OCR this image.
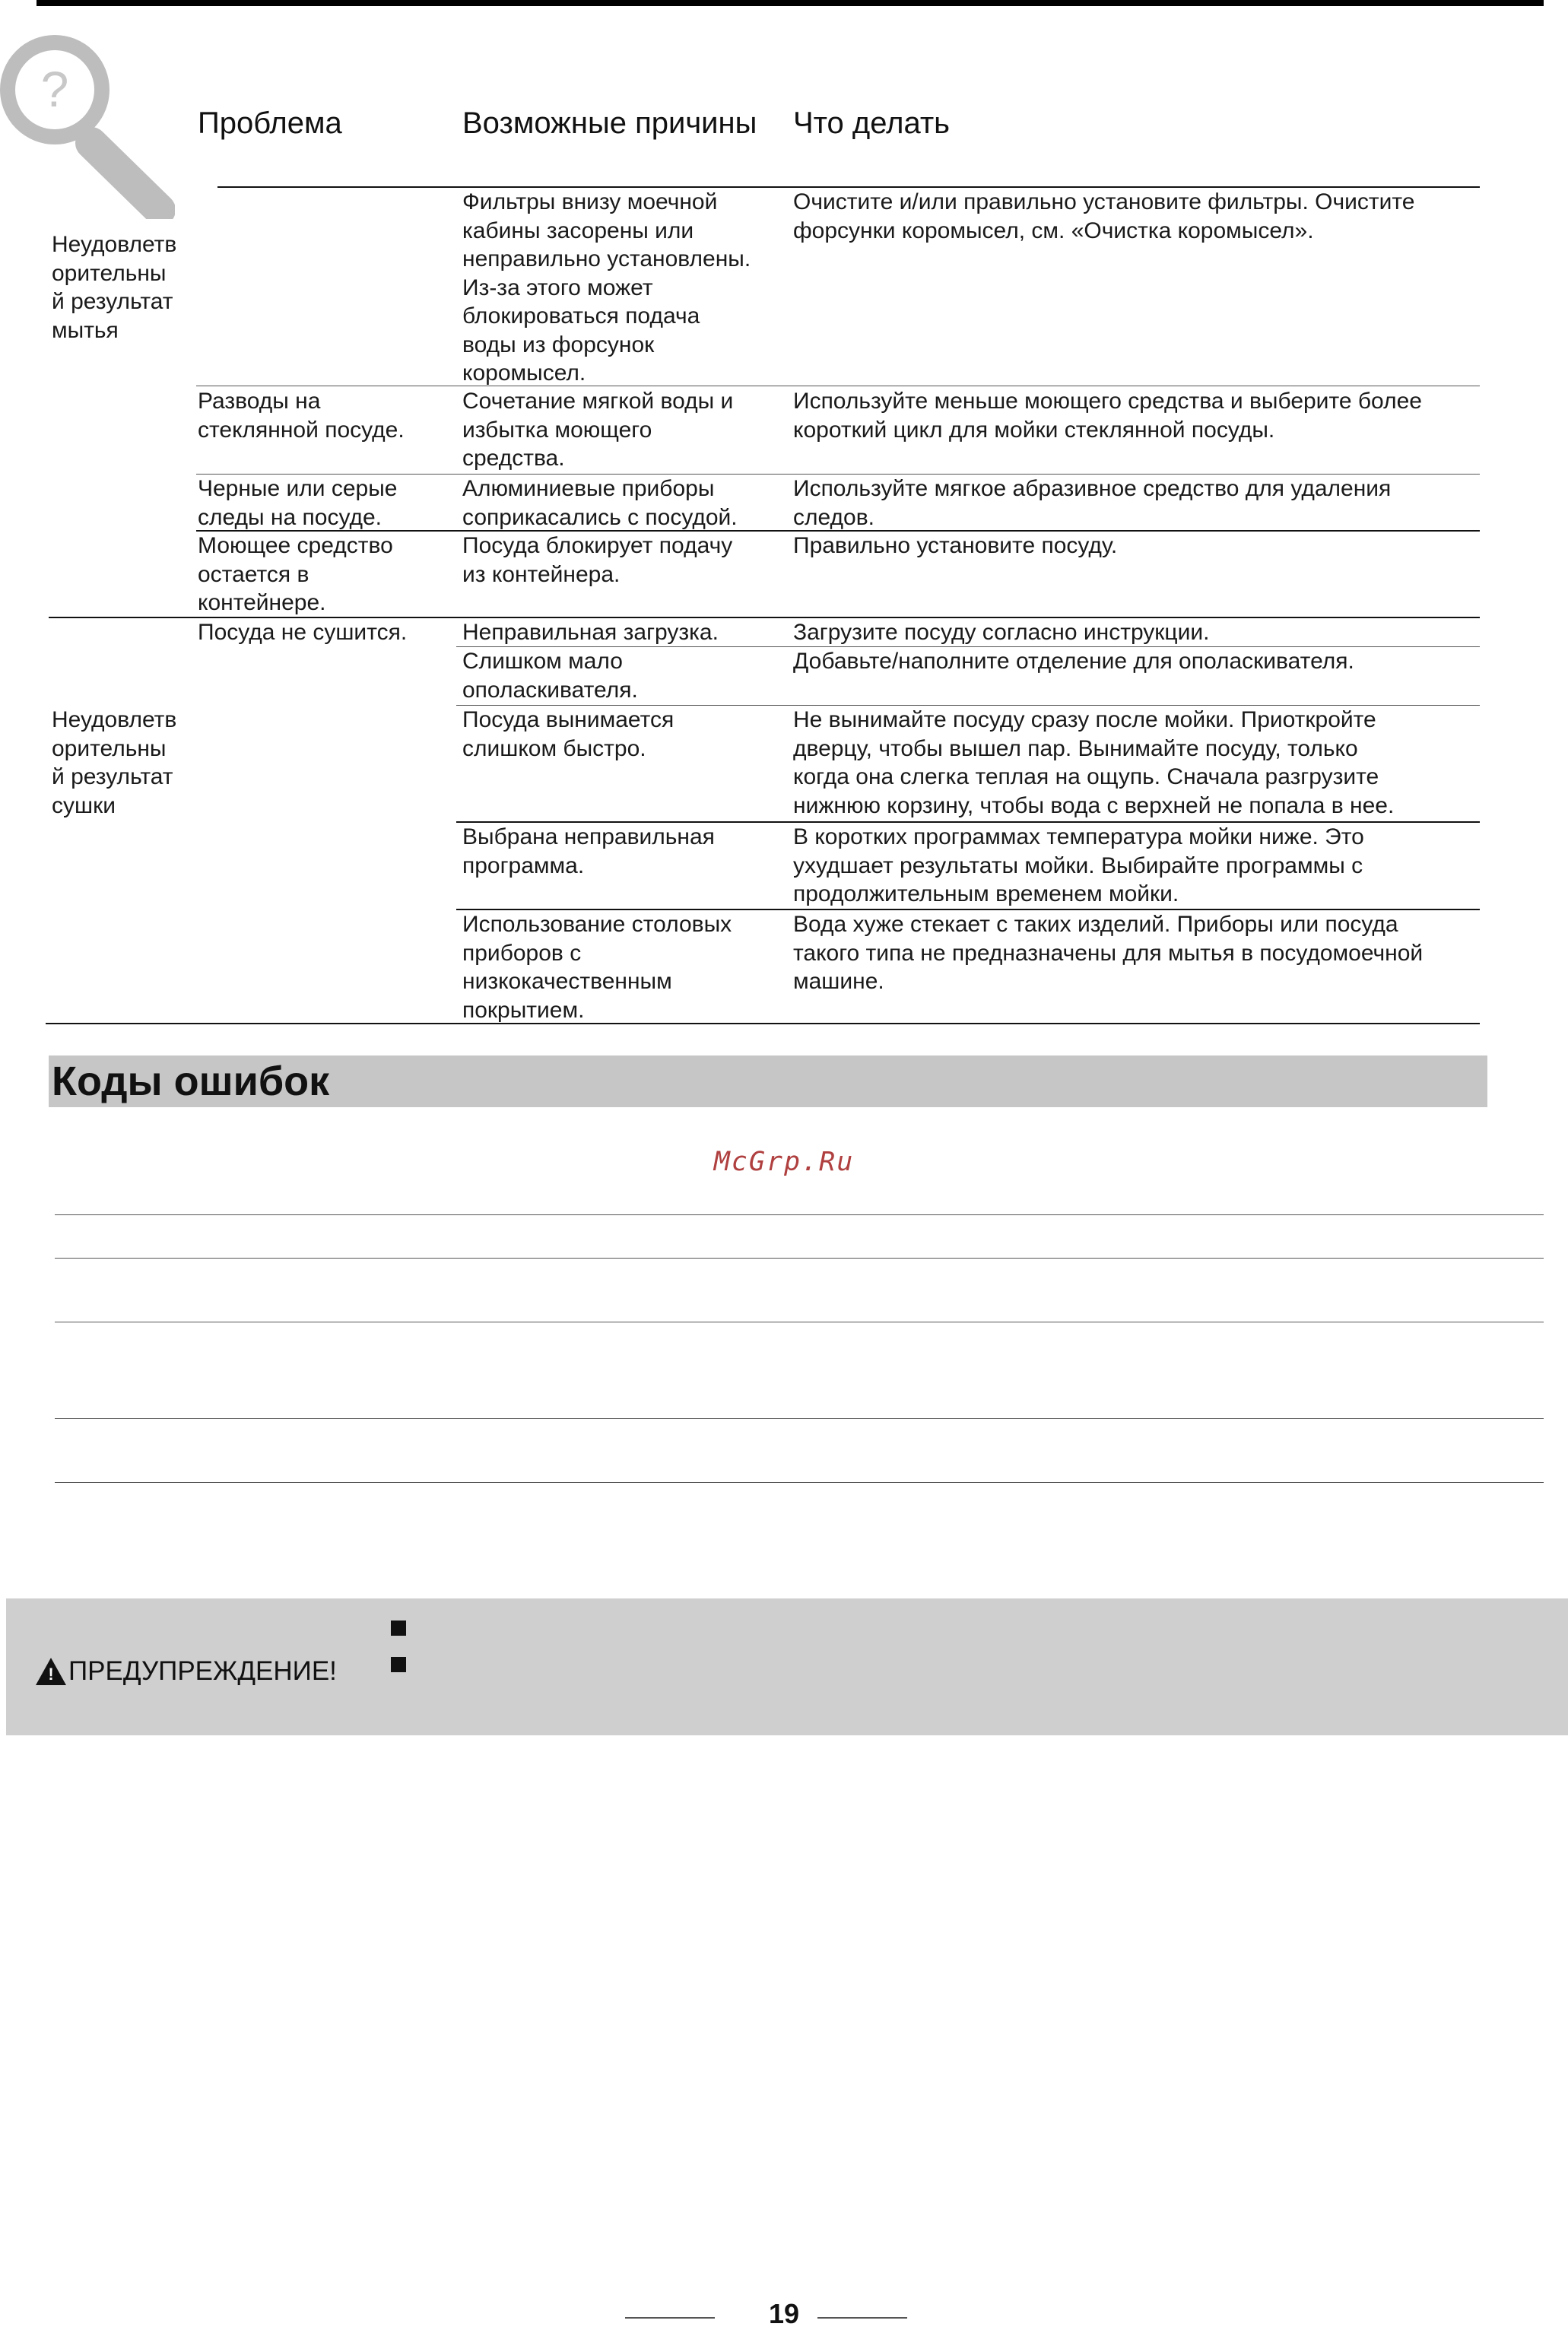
?
Проблема	Возможные причины Что делать
Неудовлетв
орительны
й результат
мытья
Неудовлетв
орительны
й результат
сушки
Фильтры внизу моечной
кабины засорены или
неправильно установлены.
Из-за этого может
блокироваться подача
воды из форсунок
коромысел.
Очистите и/или правильно установите фильтры. Очистите
форсунки коромысел, см. «Очистка коромысел».
Разводы на
стеклянной посуде.
Сочетание мягкой воды и
избытка моющего
средства.
Используйте меньше моющего средства и выберите более
короткий цикл для мойки стеклянной посуды.
Черные или серые
следы на посуде.
Алюминиевые приборы
соприкасались с посудой.
Используйте мягкое абразивное средство для удаления
следов.
Моющее средство
остается в
контейнере.
Посуда блокирует подачу
из контейнера.
Правильно установите посуду.
Посуда не сушится. Неправильная загрузка.	Загрузите посуду согласно инструкции.
Слишком мало
ополаскивателя.
Добавьте/наполните отделение для ополаскивателя.
Посуда вынимается
слишком быстро.
Не вынимайте посуду сразу после мойки. Приоткройте
дверцу, чтобы вышел пар. Вынимайте посуду, только
когда она слегка теплая на ощупь. Сначала разгрузите
нижнюю корзину, чтобы вода с верхней не попала в нее.
Выбрана неправильная
программа.
В коротких программах температура мойки ниже. Это
ухудшает результаты мойки. Выбирайте программы с
продолжительным временем мойки.
Использование столовых
приборов с
низкокачественным
покрытием.
Вода хуже стекает с таких изделий. Приборы или посуда
такого типа не предназначены для мытья в посудомоечной
машине.
Коды ошибок
McGrp.Ru
! ПРЕДУПРЕЖДЕНИЕ!
19
